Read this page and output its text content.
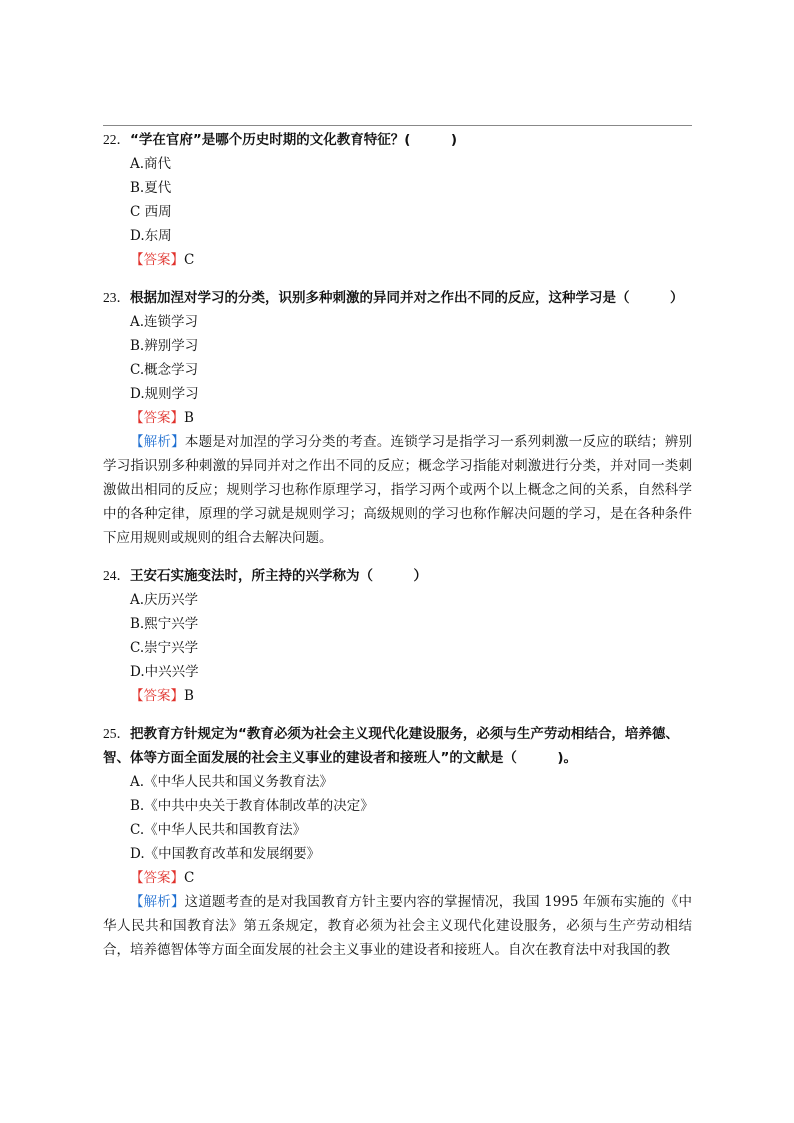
22．“学在官府”是哪个历史时期的文化教育特征？(　　　)
A.商代
B.夏代
C 西周
D.东周
【答案】C
23．根据加涅对学习的分类，识别多种刺激的异同并对之作出不同的反应，这种学习是（　　　）
A.连锁学习
B.辨别学习
C.概念学习
D.规则学习
【答案】B
【解析】本题是对加涅的学习分类的考查。连锁学习是指学习一系列刺激一反应的联结；辨别学习指识别多种刺激的异同并对之作出不同的反应；概念学习指能对刺激进行分类，并对同一类刺激做出相同的反应；规则学习也称作原理学习，指学习两个或两个以上概念之间的关系，自然科学中的各种定律，原理的学习就是规则学习；高级规则的学习也称作解决问题的学习，是在各种条件下应用规则或规则的组合去解决问题。
24．王安石实施变法时，所主持的兴学称为（　　　）
A.庆历兴学
B.熙宁兴学
C.崇宁兴学
D.中兴兴学
【答案】B
25．把教育方针规定为“教育必须为社会主义现代化建设服务，必须与生产劳动相结合，培养德、智、体等方面全面发展的社会主义事业的建设者和接班人”的文献是（　　　)。
A.《中华人民共和国义务教育法》
B.《中共中央关于教育体制改革的决定》
C.《中华人民共和国教育法》
D.《中国教育改革和发展纲要》
【答案】C
【解析】这道题考查的是对我国教育方针主要内容的掌握情况，我国 1995 年颁布实施的《中华人民共和国教育法》第五条规定，教育必须为社会主义现代化建设服务，必须与生产劳动相结合，培养德智体等方面全面发展的社会主义事业的建设者和接班人。自次在教育法中对我国的教
